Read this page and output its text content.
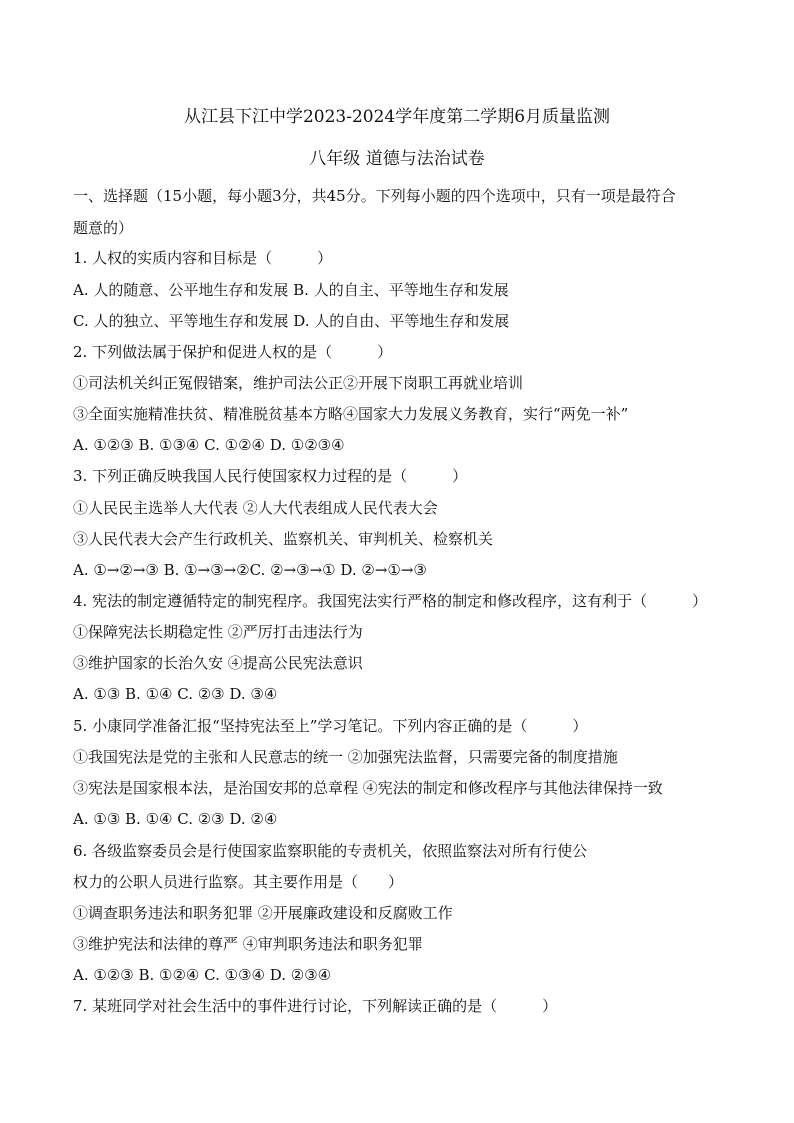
从江县下江中学2023-2024学年度第二学期6月质量监测
八年级 道德与法治试卷
一、选择题（15小题，每小题3分，共45分。下列每小题的四个选项中，只有一项是最符合
题意的）
1. 人权的实质内容和目标是（　　　）
A. 人的随意、公平地生存和发展 B. 人的自主、平等地生存和发展
C. 人的独立、平等地生存和发展 D. 人的自由、平等地生存和发展
2. 下列做法属于保护和促进人权的是（　　　）
①司法机关纠正冤假错案，维护司法公正②开展下岗职工再就业培训
③全面实施精准扶贫、精准脱贫基本方略④国家大力发展义务教育，实行“两免一补”
A. ①②③ B. ①③④ C. ①②④ D. ①②③④
3. 下列正确反映我国人民行使国家权力过程的是（　　　）
①人民民主选举人大代表 ②人大代表组成人民代表大会
③人民代表大会产生行政机关、监察机关、审判机关、检察机关
A. ①→②→③ B. ①→③→②C. ②→③→① D. ②→①→③
4. 宪法的制定遵循特定的制宪程序。我国宪法实行严格的制定和修改程序，这有利于（　　　）
①保障宪法长期稳定性 ②严厉打击违法行为
③维护国家的长治久安 ④提高公民宪法意识
A. ①③ B. ①④ C. ②③ D. ③④
5. 小康同学准备汇报“坚持宪法至上”学习笔记。下列内容正确的是（　　　）
①我国宪法是党的主张和人民意志的统一 ②加强宪法监督，只需要完备的制度措施
③宪法是国家根本法，是治国安邦的总章程 ④宪法的制定和修改程序与其他法律保持一致
A. ①③ B. ①④ C. ②③ D. ②④
6. 各级监察委员会是行使国家监察职能的专责机关，依照监察法对所有行使公
权力的公职人员进行监察。其主要作用是（　　）
①调查职务违法和职务犯罪 ②开展廉政建设和反腐败工作
③维护宪法和法律的尊严 ④审判职务违法和职务犯罪
A. ①②③ B. ①②④ C. ①③④ D. ②③④
7. 某班同学对社会生活中的事件进行讨论，下列解读正确的是（　　　）
